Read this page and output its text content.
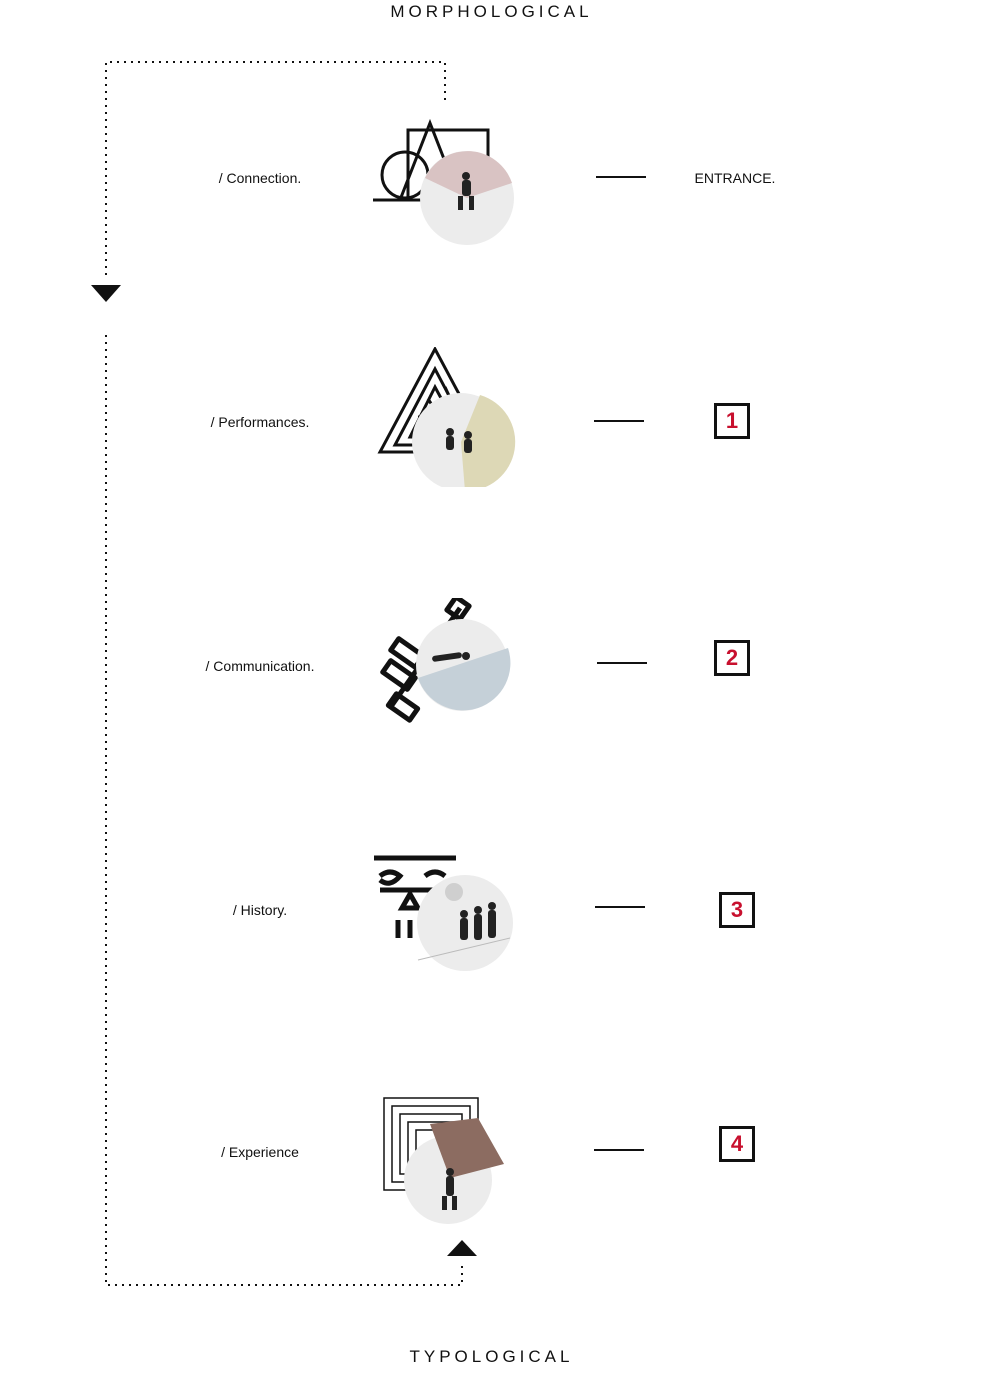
MORPHOLOGICAL
TYPOLOGICAL
/ Connection.	ENTRANCE.
/ Performances.	1
/ Communication.	2
/ History.	3
/ Experience	4
